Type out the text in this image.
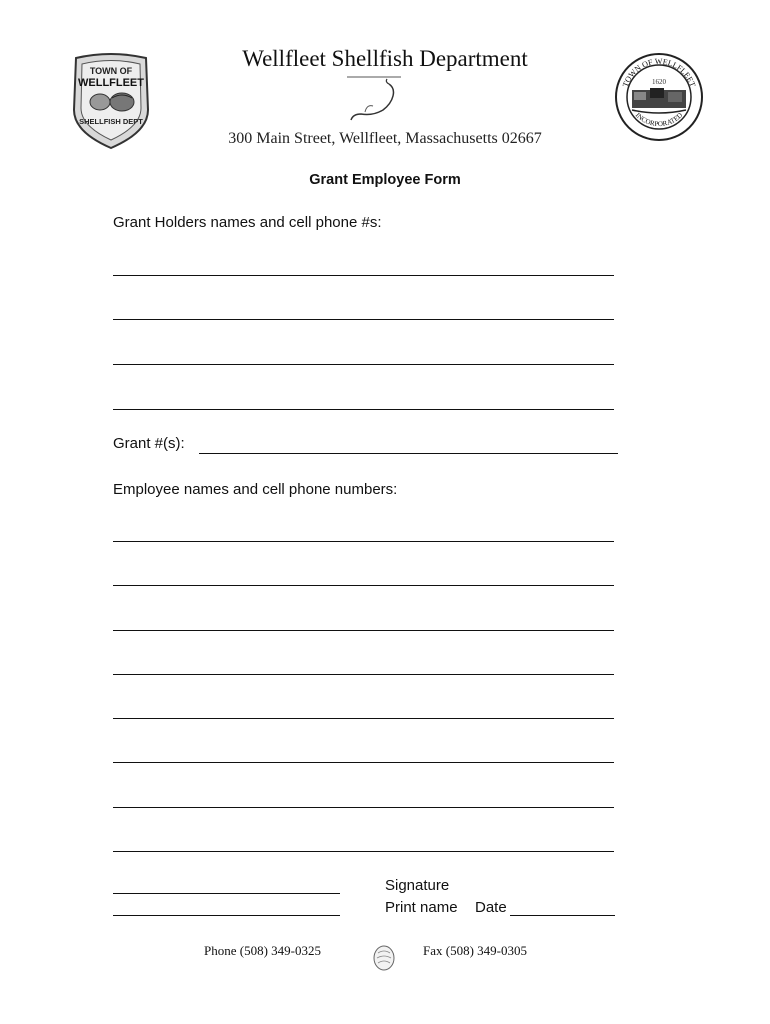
TOWN OF
WELLFLEET
SHELLFISH DEPT
Wellfleet Shellfish Department
TOWN OF WELLFLEET
INCORPORATED
1620
300 Main Street, Wellfleet, Massachusetts 02667
Grant Employee Form
Grant Holders names and cell phone #s:
Grant #(s):
Employee names and cell phone numbers:
Signature
Print name Date
Phone (508) 349-0325	Fax (508) 349-0305
